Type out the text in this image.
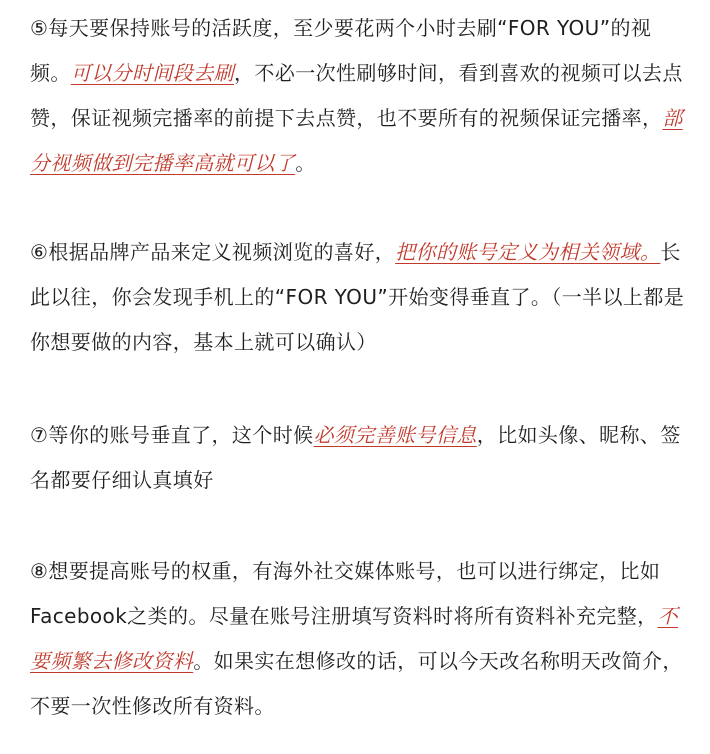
⑤每天要保持账号的活跃度，至少要花两个小时去刷“FOR YOU”的视频。可以分时间段去刷，不必一次性刷够时间，看到喜欢的视频可以去点赞，保证视频完播率的前提下去点赞，也不要所有的祝频保证完播率，部分视频做到完播率高就可以了。

⑥根据品牌产品来定义视频浏览的喜好，把你的账号定义为相关领域。长此以往，你会发现手机上的“FOR YOU”开始变得垂直了。（一半以上都是你想要做的内容，基本上就可以确认）

⑦等你的账号垂直了，这个时候必须完善账号信息，比如头像、昵称、签名都要仔细认真填好

⑧想要提高账号的权重，有海外社交媒体账号，也可以进行绑定，比如Facebook之类的。尽量在账号注册填写资料时将所有资料补充完整，不要频繁去修改资料。如果实在想修改的话，可以今天改名称明天改简介，不要一次性修改所有资料。
